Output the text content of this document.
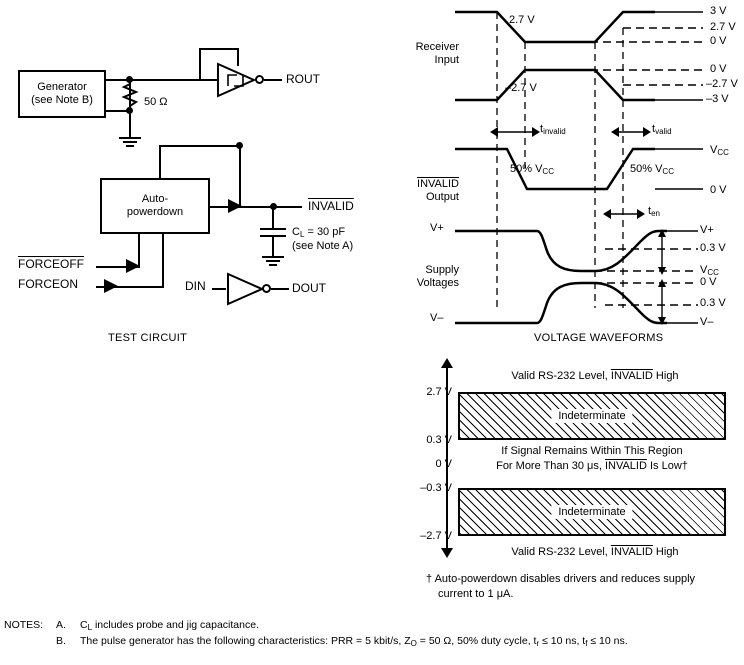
Generator
(see Note B)	50 Ω
ROUT
Auto-
powerdown	INVALID
$C_L = 30$ pF
(see Note A)
FORCEOFF
FORCEON	DIN	DOUT
TEST CIRCUIT
Receiver
Input
2.7 V
–2.7 V
3 V
2.7 V
0 V
0 V
–2.7 V
–3 V
$t_{invalid}$	$t_{valid}$
INVALID
Output
50% $V_{CC}$	50% $V_{CC}$
$V_{CC}$
0 V
$t_{en}$
Supply
Voltages
V+
V–
V+
0.3 V
$V_{CC}$
0 V
0.3 V
V–
VOLTAGE WAVEFORMS
Valid RS-232 Level, INVALID High
Indeterminate
If Signal Remains Within This Region
For More Than 30 μs, INVALID Is Low†
Indeterminate
Valid RS-232 Level, INVALID High
2.7 V
0.3 V
0 V
–0.3 V
–2.7 V
† Auto-powerdown disables drivers and reduces supply
current to 1 μA.
NOTES:	A.	$C_L$ includes probe and jig capacitance.
	B.	The pulse generator has the following characteristics: PRR = 5 kbit/s, $Z_O = 50$ Ω, 50% duty cycle, $t_r \le 10$ ns, $t_f \le 10$ ns.
